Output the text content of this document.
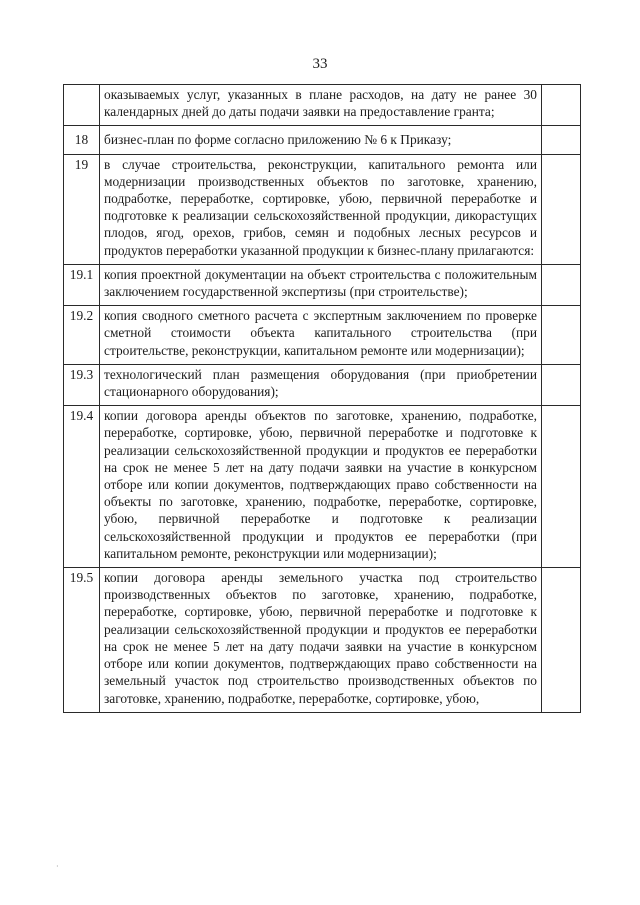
33
	оказываемых услуг, указанных в плане расходов, на дату не ранее 30 календарных дней до даты подачи заявки на предоставление гранта;	
18	бизнес-план по форме согласно приложению № 6 к Приказу;	
19	в случае строительства, реконструкции, капитального ремонта или модернизации производственных объектов по заготовке, хранению, подработке, переработке, сортировке, убою, первичной переработке и подготовке к реализации сельскохозяйственной продукции, дикорастущих плодов, ягод, орехов, грибов, семян и подобных лесных ресурсов и продуктов переработки указанной продукции к бизнес-плану прилагаются:	
19.1	копия проектной документации на объект строительства с положительным заключением государственной экспертизы (при строительстве);	
19.2	копия сводного сметного расчета с экспертным заключением по проверке сметной стоимости объекта капитального строительства (при строительстве, реконструкции, капитальном ремонте или модернизации);	
19.3	технологический план размещения оборудования (при приобретении стационарного оборудования);	
19.4	копии договора аренды объектов по заготовке, хранению, подработке, переработке, сортировке, убою, первичной переработке и подготовке к реализации сельскохозяйственной продукции и продуктов ее переработки на срок не менее 5 лет на дату подачи заявки на участие в конкурсном отборе или копии документов, подтверждающих право собственности на объекты по заготовке, хранению, подработке, переработке, сортировке, убою, первичной переработке и подготовке к реализации сельскохозяйственной продукции и продуктов ее переработки (при капитальном ремонте, реконструкции или модернизации);	
19.5	копии договора аренды земельного участка под строительство производственных объектов по заготовке, хранению, подработке, переработке, сортировке, убою, первичной переработке и подготовке к реализации сельскохозяйственной продукции и продуктов ее переработки на срок не менее 5 лет на дату подачи заявки на участие в конкурсном отборе или копии документов, подтверждающих право собственности на земельный участок под строительство производственных объектов по заготовке, хранению, подработке, переработке, сортировке, убою,	
·
